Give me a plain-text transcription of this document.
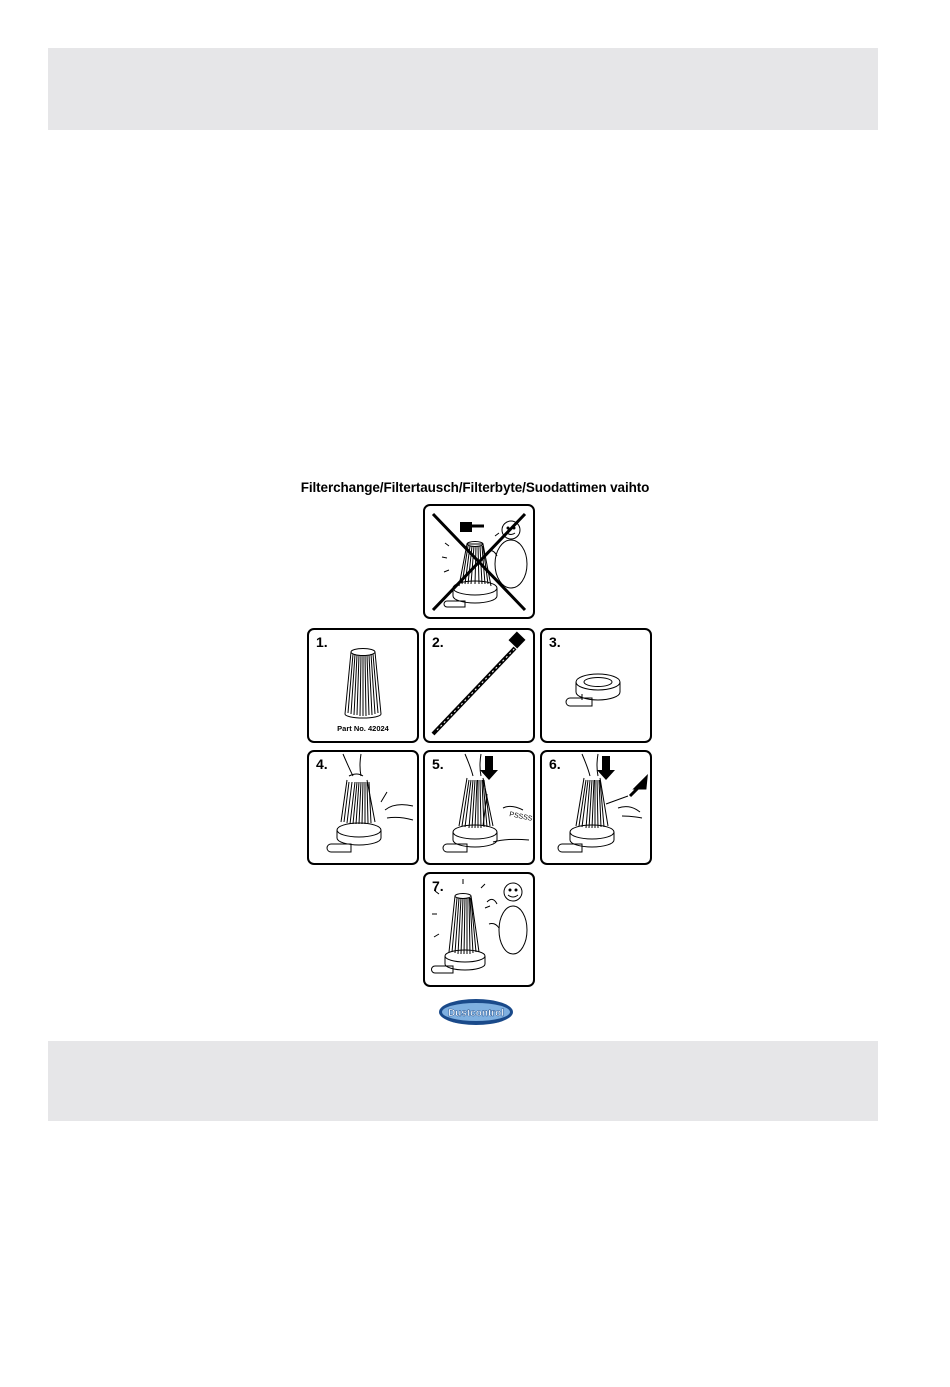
Filterchange/Filtertausch/Filterbyte/Suodattimen vaihto
1.
Part No. 42024
2.	3.
4.	5.
PSSSS
6.
7.
Dustcontrol
